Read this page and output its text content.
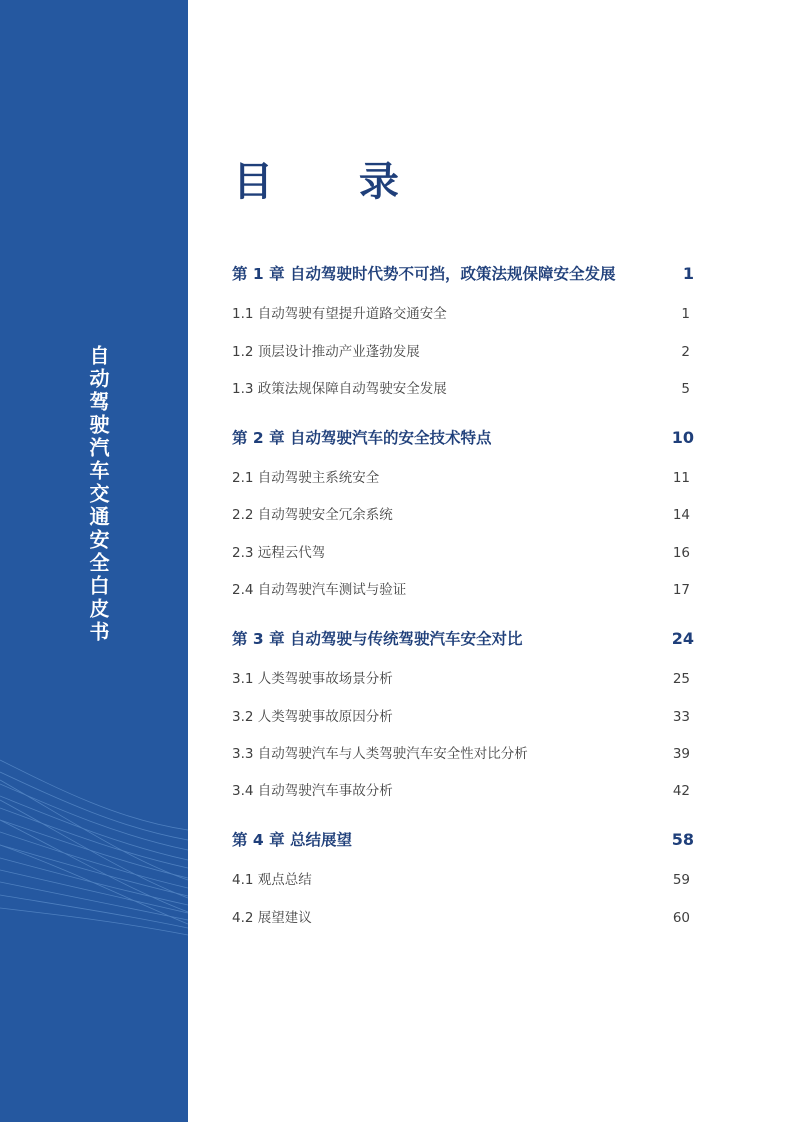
自动驾驶汽车交通安全白皮书
目 录
第 1 章 自动驾驶时代势不可挡，政策法规保障安全发展	1
1.1 自动驾驶有望提升道路交通安全	1
1.2 顶层设计推动产业蓬勃发展	2
1.3 政策法规保障自动驾驶安全发展	5
第 2 章 自动驾驶汽车的安全技术特点	10
2.1 自动驾驶主系统安全	11
2.2 自动驾驶安全冗余系统	14
2.3 远程云代驾	16
2.4 自动驾驶汽车测试与验证	17
第 3 章 自动驾驶与传统驾驶汽车安全对比	24
3.1 人类驾驶事故场景分析	25
3.2 人类驾驶事故原因分析	33
3.3 自动驾驶汽车与人类驾驶汽车安全性对比分析	39
3.4 自动驾驶汽车事故分析	42
第 4 章 总结展望	58
4.1 观点总结	59
4.2 展望建议	60
